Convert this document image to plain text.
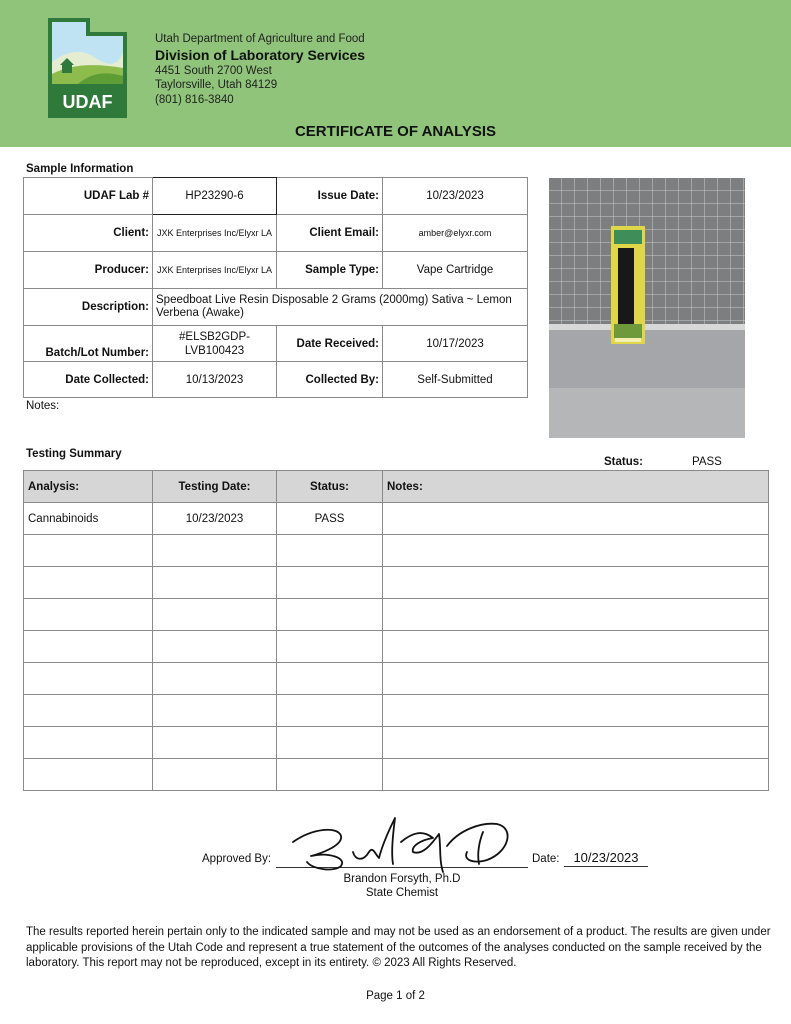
UDAF
Utah Department of Agriculture and Food
Division of Laboratory Services
4451 South 2700 West
Taylorsville, Utah 84129
(801) 816-3840
CERTIFICATE OF ANALYSIS
Sample Information
UDAF Lab #	HP23290-6	Issue Date:	10/23/2023
Client:	JXK Enterprises Inc/Elyxr LA	Client Email:	amber@elyxr.com
Producer:	JXK Enterprises Inc/Elyxr LA	Sample Type:	Vape Cartridge
Description:	Speedboat Live Resin Disposable 2 Grams (2000mg) Sativa ~ Lemon Verbena (Awake)		
Batch/Lot Number:	#ELSB2GDP-LVB100423	Date Received:	10/17/2023
Date Collected:	10/13/2023	Collected By:	Self-Submitted
Notes:
Testing Summary
Status:	PASS
Analysis:	Testing Date:	Status:	Notes:
Cannabinoids	10/23/2023	PASS	

Approved By:
Brandon Forsyth, Ph.D
State Chemist
Date:	10/23/2023
The results reported herein pertain only to the indicated sample and may not be used as an endorsement of a product. The results are given under applicable provisions of the Utah Code and represent a true statement of the outcomes of the analyses conducted on the sample received by the laboratory. This report may not be reproduced, except in its entirety. © 2023 All Rights Reserved.
Page 1 of 2
